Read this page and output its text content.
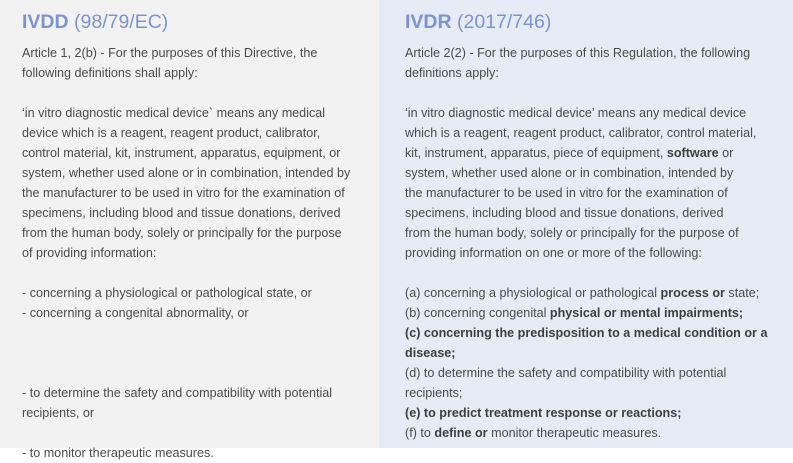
IVDD (98/79/EC)

Article 1, 2(b) - For the purposes of this Directive, the

following definitions shall apply:

‘in vitro diagnostic medical device` means any medical

device which is a reagent, reagent product, calibrator,

control material, kit, instrument, apparatus, equipment, or

system, whether used alone or in combination, intended by

the manufacturer to be used in vitro for the examination of

specimens, including blood and tissue donations, derived

from the human body, solely or principally for the purpose

of providing information:

- concerning a physiological or pathological state, or

- concerning a congenital abnormality, or

- to determine the safety and compatibility with potential

recipients, or

- to monitor therapeutic measures.

IVDR (2017/746)

Article 2(2) - For the purposes of this Regulation, the following

definitions apply:

‘in vitro diagnostic medical device’ means any medical device

which is a reagent, reagent product, calibrator, control material,

kit, instrument, apparatus, piece of equipment, software or

system, whether used alone or in combination, intended by

the manufacturer to be used in vitro for the examination of

specimens, including blood and tissue donations, derived

from the human body, solely or principally for the purpose of

providing information on one or more of the following:

(a) concerning a physiological or pathological process or state;

(b) concerning congenital physical or mental impairments;

(c) concerning the predisposition to a medical condition or a

disease;

(d) to determine the safety and compatibility with potential

recipients;

(e) to predict treatment response or reactions;

(f) to define or monitor therapeutic measures.
